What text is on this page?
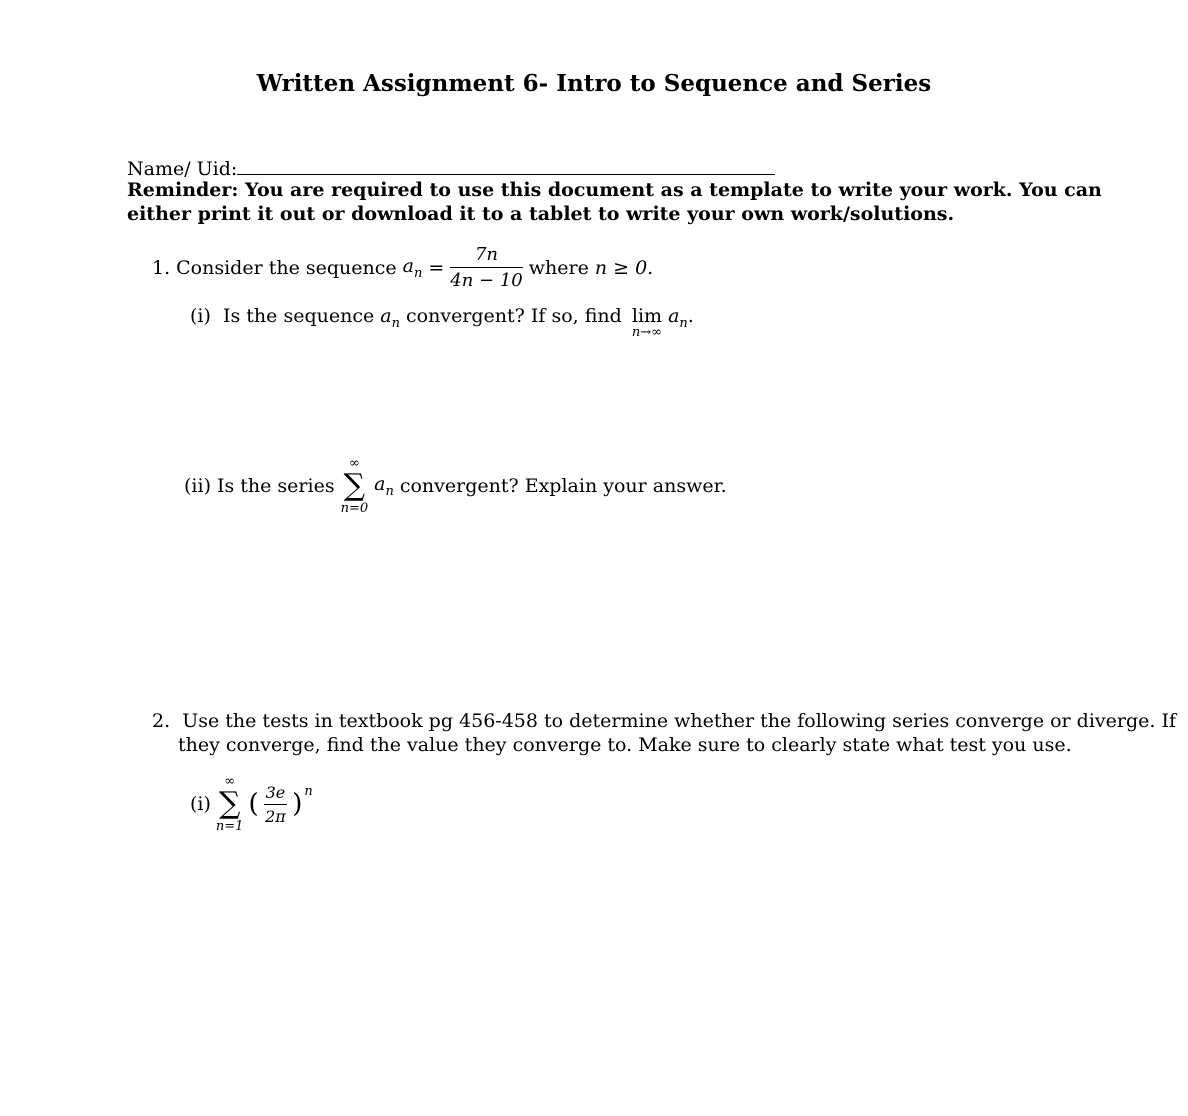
Written Assignment 6- Intro to Sequence and Series
Name/ Uid:
Reminder: You are required to use this document as a template to write your work. You can
either print it out or download it to a tablet to write your own work/solutions.
1. Consider the sequence $a_n = \frac{7n}{4n - 10}$ where n ≥ 0.
(i) Is the sequence $a_n$ convergent? If so, find lim
n→∞
$a_n$.
(ii) Is the series
∞
∑
n=0
$a_n$ convergent? Explain your answer.
2. Use the tests in textbook pg 456-458 to determine whether the following series converge or diverge. If
they converge, find the value they converge to. Make sure to clearly state what test you use.
(i)
∞
∑
n=1
( $\frac{3e}{2\pi}$ ) n
